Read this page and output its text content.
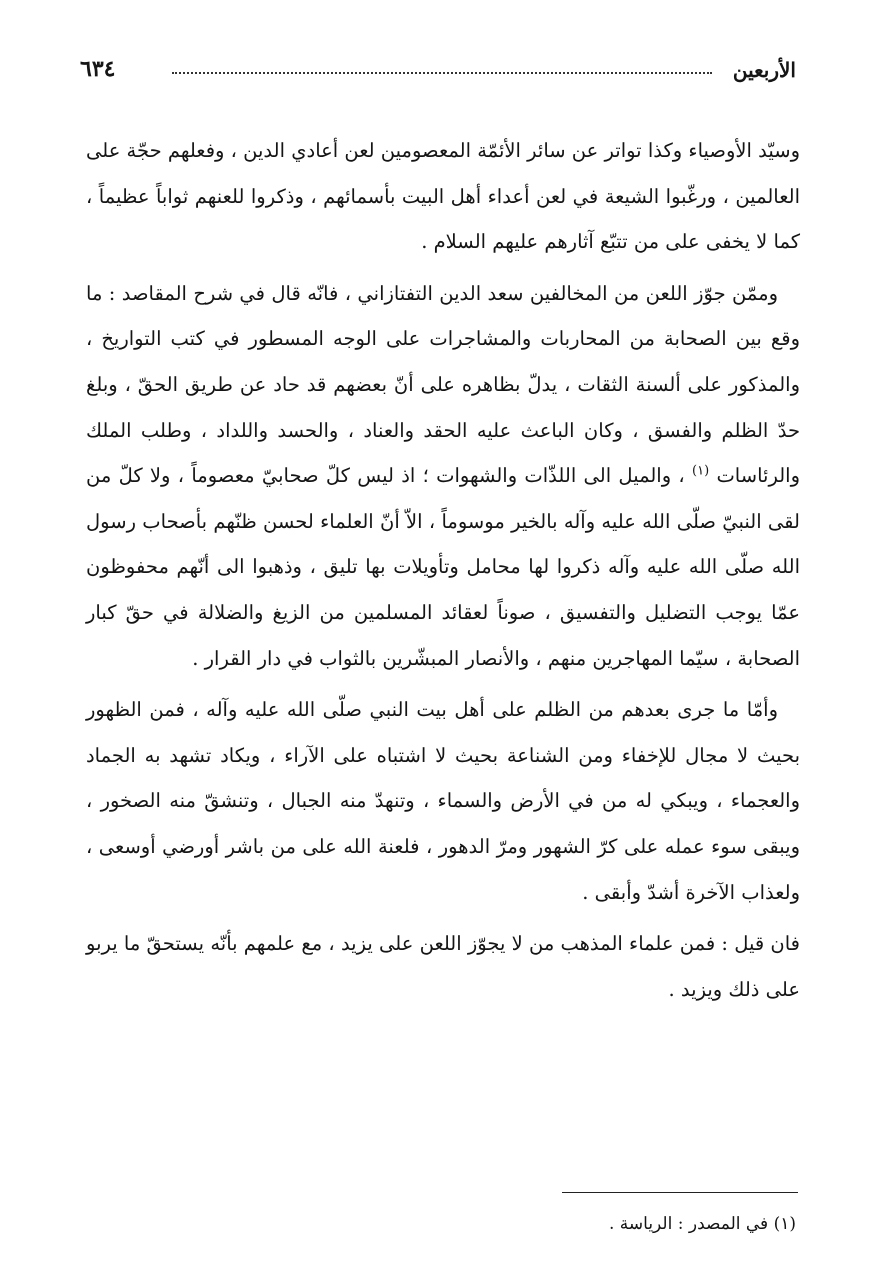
الأربعين
٦٣٤

وسيّد الأوصياء وكذا تواتر عن سائر الأئمّة المعصومين لعن أعادي الدين ، وفعلهم حجّة على العالمين ، ورغّبوا الشيعة في لعن أعداء أهل البيت بأسمائهم ، وذكروا للعنهم ثواباً عظيماً ، كما لا يخفى على من تتبّع آثارهم عليهم السلام .

وممّن جوّز اللعن من المخالفين سعد الدين التفتازاني ، فانّه قال في شرح المقاصد : ما وقع بين الصحابة من المحاربات والمشاجرات على الوجه المسطور في كتب التواريخ ، والمذكور على ألسنة الثقات ، يدلّ بظاهره على أنّ بعضهم قد حاد عن طريق الحقّ ، وبلغ حدّ الظلم والفسق ، وكان الباعث عليه الحقد والعناد ، والحسد واللداد ، وطلب الملك والرئاسات $^{(١)}$ ، والميل الى اللذّات والشهوات ؛ اذ ليس كلّ صحابيّ معصوماً ، ولا كلّ من لقى النبيّ صلّى الله عليه وآله بالخير موسوماً ، الاّ أنّ العلماء لحسن ظنّهم بأصحاب رسول الله صلّى الله عليه وآله ذكروا لها محامل وتأويلات بها تليق ، وذهبوا الى أنّهم محفوظون عمّا يوجب التضليل والتفسيق ، صوناً لعقائد المسلمين من الزيغ والضلالة في حقّ كبار الصحابة ، سيّما المهاجرين منهم ، والأنصار المبشّرين بالثواب في دار القرار .

وأمّا ما جرى بعدهم من الظلم على أهل بيت النبي صلّى الله عليه وآله ، فمن الظهور بحيث لا مجال للإخفاء ومن الشناعة بحيث لا اشتباه على الآراء ، ويكاد تشهد به الجماد والعجماء ، ويبكي له من في الأرض والسماء ، وتنهدّ منه الجبال ، وتنشقّ منه الصخور ، ويبقى سوء عمله على كرّ الشهور ومرّ الدهور ، فلعنة الله على من باشر أورضي أوسعى ، ولعذاب الآخرة أشدّ وأبقى .

فان قيل : فمن علماء المذهب من لا يجوّز اللعن على يزيد ، مع علمهم بأنّه يستحقّ ما يربو على ذلك ويزيد .

(١) في المصدر : الرياسة .
